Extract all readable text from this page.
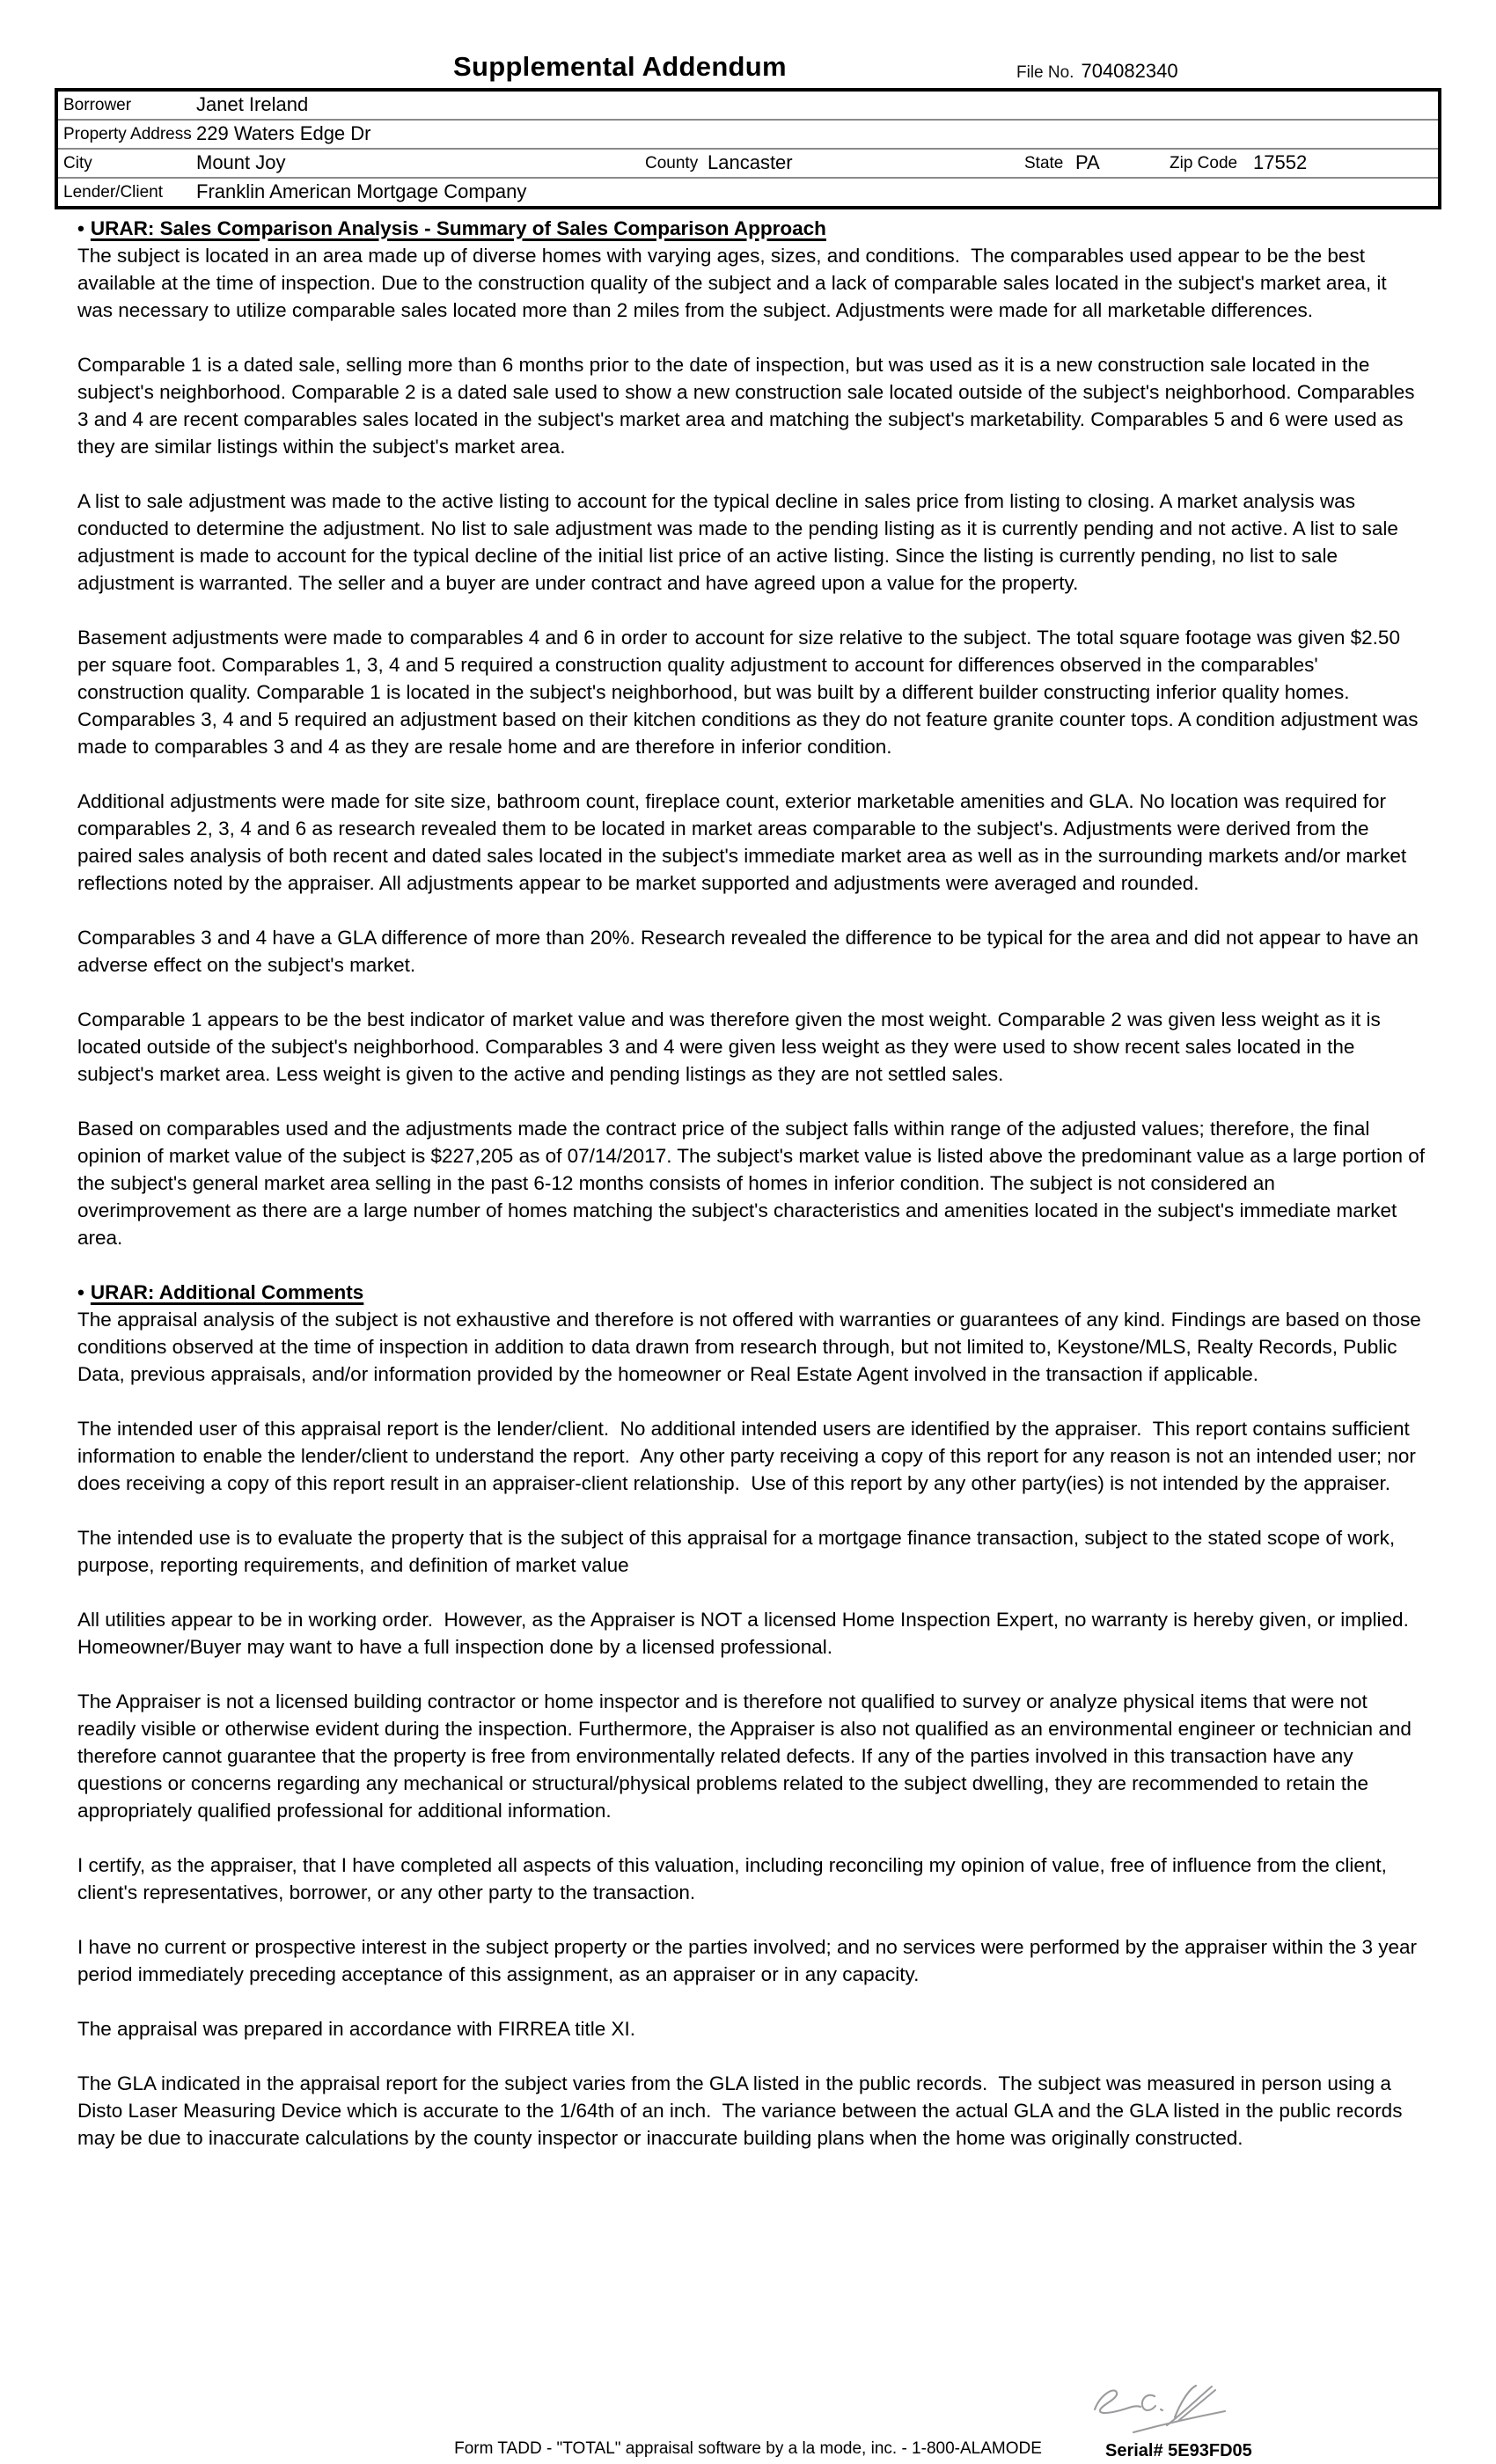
Supplemental Addendum	File No. 704082340
Borrower	Janet Ireland
Property Address 229 Waters Edge Dr
City	Mount Joy	County Lancaster	State PA	Zip Code 17552
Lender/Client Franklin American Mortgage Company
• URAR: Sales Comparison Analysis - Summary of Sales Comparison Approach

The subject is located in an area made up of diverse homes with varying ages, sizes, and conditions.  The comparables used appear to be the best available at the time of inspection. Due to the construction quality of the subject and a lack of comparable sales located in the subject's market area, it was necessary to utilize comparable sales located more than 2 miles from the subject. Adjustments were made for all marketable differences.

Comparable 1 is a dated sale, selling more than 6 months prior to the date of inspection, but was used as it is a new construction sale located in the subject's neighborhood. Comparable 2 is a dated sale used to show a new construction sale located outside of the subject's neighborhood. Comparables 3 and 4 are recent comparables sales located in the subject's market area and matching the subject's marketability. Comparables 5 and 6 were used as they are similar listings within the subject's market area.

A list to sale adjustment was made to the active listing to account for the typical decline in sales price from listing to closing. A market analysis was conducted to determine the adjustment. No list to sale adjustment was made to the pending listing as it is currently pending and not active. A list to sale adjustment is made to account for the typical decline of the initial list price of an active listing. Since the listing is currently pending, no list to sale adjustment is warranted. The seller and a buyer are under contract and have agreed upon a value for the property.

Basement adjustments were made to comparables 4 and 6 in order to account for size relative to the subject. The total square footage was given $2.50 per square foot. Comparables 1, 3, 4 and 5 required a construction quality adjustment to account for differences observed in the comparables' construction quality. Comparable 1 is located in the subject's neighborhood, but was built by a different builder constructing inferior quality homes. Comparables 3, 4 and 5 required an adjustment based on their kitchen conditions as they do not feature granite counter tops. A condition adjustment was made to comparables 3 and 4 as they are resale home and are therefore in inferior condition.

Additional adjustments were made for site size, bathroom count, fireplace count, exterior marketable amenities and GLA. No location was required for comparables 2, 3, 4 and 6 as research revealed them to be located in market areas comparable to the subject's. Adjustments were derived from the paired sales analysis of both recent and dated sales located in the subject's immediate market area as well as in the surrounding markets and/or market reflections noted by the appraiser. All adjustments appear to be market supported and adjustments were averaged and rounded.

Comparables 3 and 4 have a GLA difference of more than 20%. Research revealed the difference to be typical for the area and did not appear to have an adverse effect on the subject's market.

Comparable 1 appears to be the best indicator of market value and was therefore given the most weight. Comparable 2 was given less weight as it is located outside of the subject's neighborhood. Comparables 3 and 4 were given less weight as they were used to show recent sales located in the subject's market area. Less weight is given to the active and pending listings as they are not settled sales.

Based on comparables used and the adjustments made the contract price of the subject falls within range of the adjusted values; therefore, the final opinion of market value of the subject is $227,205 as of 07/14/2017. The subject's market value is listed above the predominant value as a large portion of the subject's general market area selling in the past 6-12 months consists of homes in inferior condition. The subject is not considered an overimprovement as there are a large number of homes matching the subject's characteristics and amenities located in the subject's immediate market area.

• URAR: Additional Comments

The appraisal analysis of the subject is not exhaustive and therefore is not offered with warranties or guarantees of any kind. Findings are based on those conditions observed at the time of inspection in addition to data drawn from research through, but not limited to, Keystone/MLS, Realty Records, Public Data, previous appraisals, and/or information provided by the homeowner or Real Estate Agent involved in the transaction if applicable.

The intended user of this appraisal report is the lender/client.  No additional intended users are identified by the appraiser.  This report contains sufficient information to enable the lender/client to understand the report.  Any other party receiving a copy of this report for any reason is not an intended user; nor does receiving a copy of this report result in an appraiser-client relationship.  Use of this report by any other party(ies) is not intended by the appraiser.

The intended use is to evaluate the property that is the subject of this appraisal for a mortgage finance transaction, subject to the stated scope of work, purpose, reporting requirements, and definition of market value

All utilities appear to be in working order.  However, as the Appraiser is NOT a licensed Home Inspection Expert, no warranty is hereby given, or implied.  Homeowner/Buyer may want to have a full inspection done by a licensed professional.

The Appraiser is not a licensed building contractor or home inspector and is therefore not qualified to survey or analyze physical items that were not readily visible or otherwise evident during the inspection. Furthermore, the Appraiser is also not qualified as an environmental engineer or technician and therefore cannot guarantee that the property is free from environmentally related defects. If any of the parties involved in this transaction have any questions or concerns regarding any mechanical or structural/physical problems related to the subject dwelling, they are recommended to retain the appropriately qualified professional for additional information.

I certify, as the appraiser, that I have completed all aspects of this valuation, including reconciling my opinion of value, free of influence from the client, client's representatives, borrower, or any other party to the transaction.

I have no current or prospective interest in the subject property or the parties involved; and no services were performed by the appraiser within the 3 year period immediately preceding acceptance of this assignment, as an appraiser or in any capacity.

The appraisal was prepared in accordance with FIRREA title XI.

The GLA indicated in the appraisal report for the subject varies from the GLA listed in the public records.  The subject was measured in person using a Disto Laser Measuring Device which is accurate to the 1/64th of an inch.  The variance between the actual GLA and the GLA listed in the public records may be due to inaccurate calculations by the county inspector or inaccurate building plans when the home was originally constructed.

Form TADD - "TOTAL" appraisal software by a la mode, inc. - 1-800-ALAMODE	Serial# 5E93FD05
